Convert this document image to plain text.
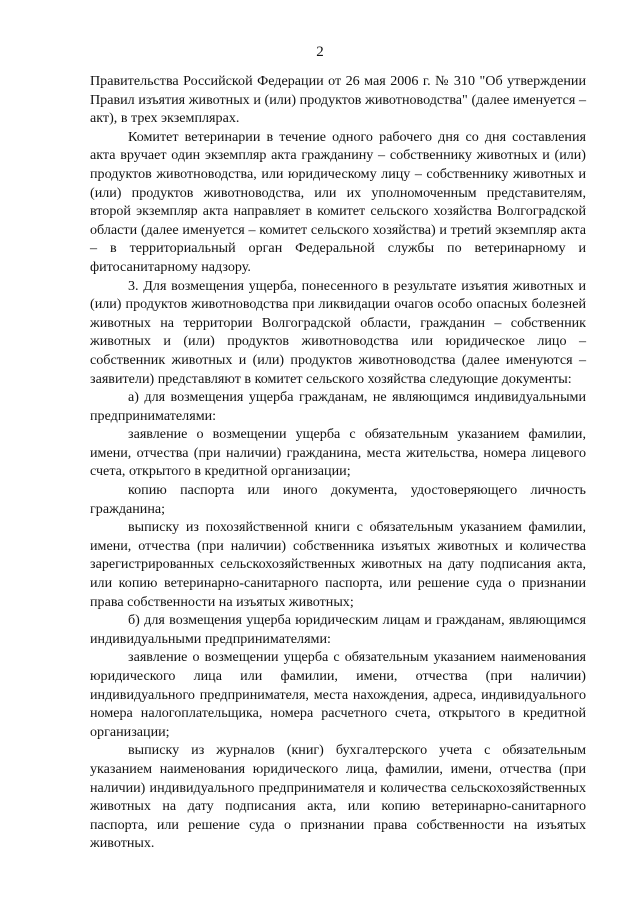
2

Правительства Российской Федерации от 26 мая 2006 г. № 310 "Об утверждении Правил изъятия животных и (или) продуктов животноводства" (далее именуется – акт), в трех экземплярах.

Комитет ветеринарии в течение одного рабочего дня со дня составления акта вручает один экземпляр акта гражданину – собственнику животных и (или) продуктов животноводства, или юридическому лицу – собственнику животных и (или) продуктов животноводства, или их уполномоченным представителям, второй экземпляр акта направляет в комитет сельского хозяйства Волгоградской области (далее именуется – комитет сельского хозяйства) и третий экземпляр акта – в территориальный орган Федеральной службы по ветеринарному и фитосанитарному надзору.

3. Для возмещения ущерба, понесенного в результате изъятия животных и (или) продуктов животноводства при ликвидации очагов особо опасных болезней животных на территории Волгоградской области, гражданин – собственник животных и (или) продуктов животноводства или юридическое лицо – собственник животных и (или) продуктов животноводства (далее именуются – заявители) представляют в комитет сельского хозяйства следующие документы:

а) для возмещения ущерба гражданам, не являющимся индивидуальными предпринимателями:

заявление о возмещении ущерба с обязательным указанием фамилии, имени, отчества (при наличии) гражданина, места жительства, номера лицевого счета, открытого в кредитной организации;

копию паспорта или иного документа, удостоверяющего личность гражданина;

выписку из похозяйственной книги с обязательным указанием фамилии, имени, отчества (при наличии) собственника изъятых животных и количества зарегистрированных сельскохозяйственных животных на дату подписания акта, или копию ветеринарно-санитарного паспорта, или решение суда о признании права собственности на изъятых животных;

б) для возмещения ущерба юридическим лицам и гражданам, являющимся индивидуальными предпринимателями:

заявление о возмещении ущерба с обязательным указанием наименования юридического лица или фамилии, имени, отчества (при наличии) индивидуального предпринимателя, места нахождения, адреса, индивидуального номера налогоплательщика, номера расчетного счета, открытого в кредитной организации;

выписку из журналов (книг) бухгалтерского учета с обязательным указанием наименования юридического лица, фамилии, имени, отчества (при наличии) индивидуального предпринимателя и количества сельскохозяйственных животных на дату подписания акта, или копию ветеринарно-санитарного паспорта, или решение суда о признании права собственности на изъятых животных.
